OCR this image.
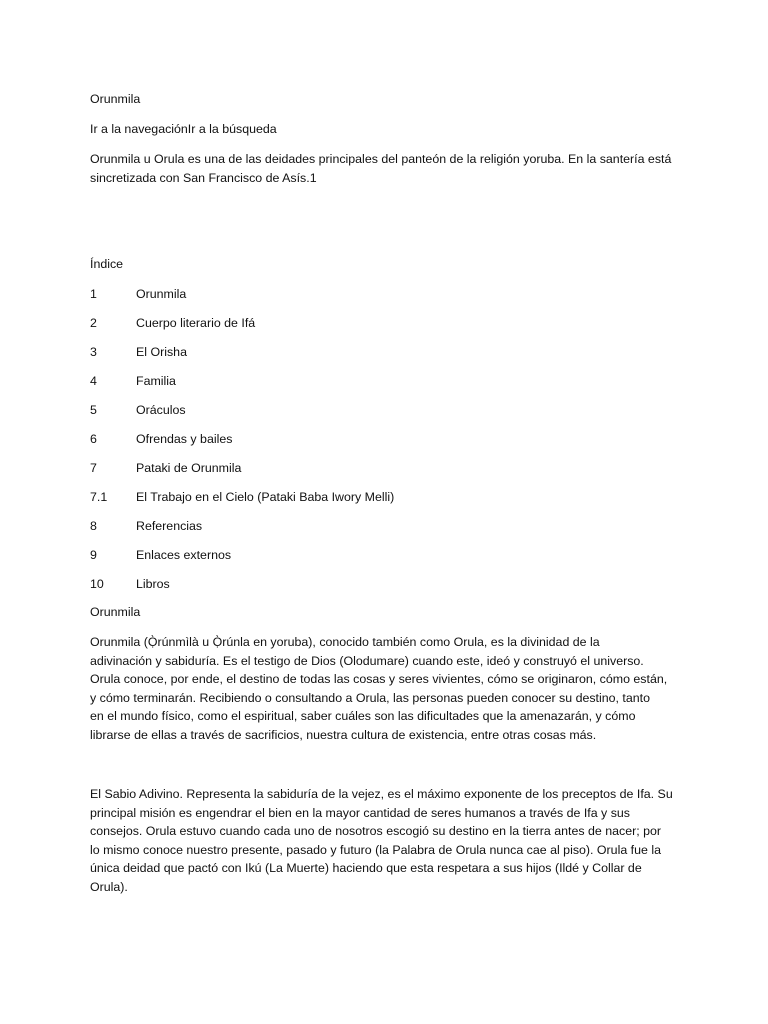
Orunmila
Ir a la navegaciónIr a la búsqueda
Orunmila u Orula es una de las deidades principales del panteón de la religión yoruba. En la santería está
sincretizada con San Francisco de Asís.1
Índice
1	Orunmila
2	Cuerpo literario de Ifá
3	El Orisha
4	Familia
5	Oráculos
6	Ofrendas y bailes
7	Pataki de Orunmila
7.1	El Trabajo en el Cielo (Pataki Baba Iwory Melli)
8	Referencias
9	Enlaces externos
10	Libros
Orunmila
Orunmila (Ọ̀rúnmìlà u Ọ̀rúnla en yoruba), conocido también como Orula, es la divinidad de la
adivinación y sabiduría. Es el testigo de Dios (Olodumare) cuando este, ideó y construyó el universo.
Orula conoce, por ende, el destino de todas las cosas y seres vivientes, cómo se originaron, cómo están,
y cómo terminarán. Recibiendo o consultando a Orula, las personas pueden conocer su destino, tanto
en el mundo físico, como el espiritual, saber cuáles son las dificultades que la amenazarán, y cómo
librarse de ellas a través de sacrificios, nuestra cultura de existencia, entre otras cosas más.
El Sabio Adivino. Representa la sabiduría de la vejez, es el máximo exponente de los preceptos de Ifa. Su
principal misión es engendrar el bien en la mayor cantidad de seres humanos a través de Ifa y sus
consejos. Orula estuvo cuando cada uno de nosotros escogió su destino en la tierra antes de nacer; por
lo mismo conoce nuestro presente, pasado y futuro (la Palabra de Orula nunca cae al piso). Orula fue la
única deidad que pactó con Ikú (La Muerte) haciendo que esta respetara a sus hijos (Ildé y Collar de
Orula).
